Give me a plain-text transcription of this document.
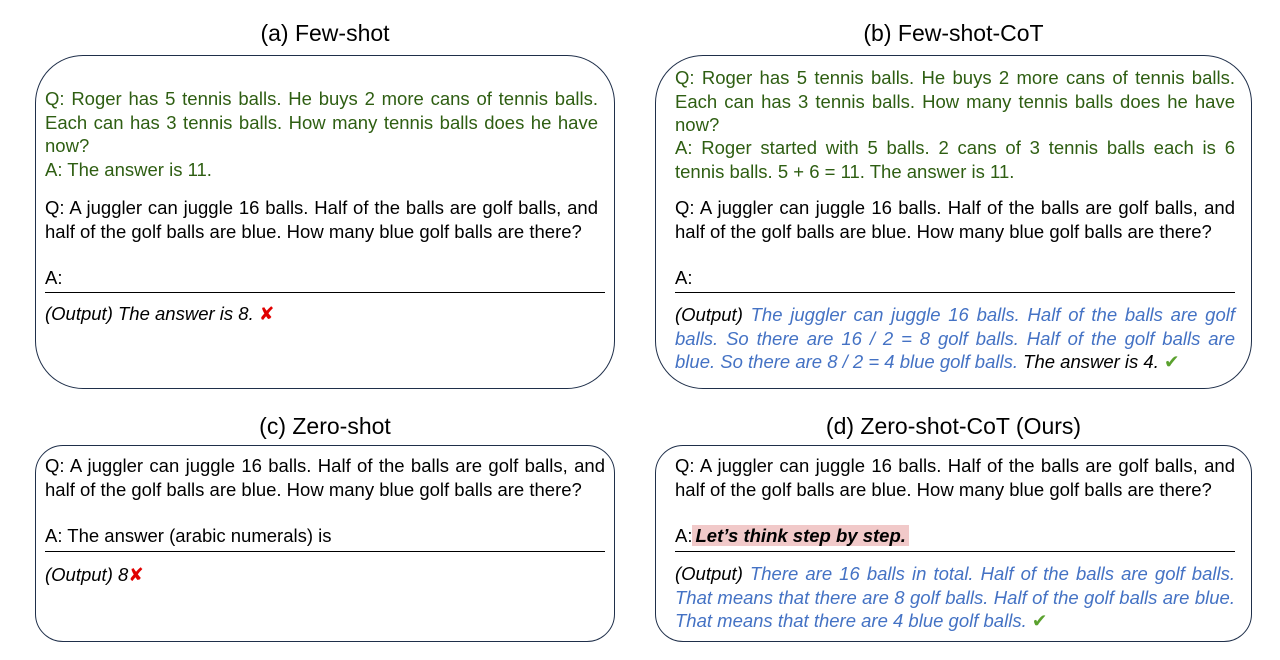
(a) Few-shot
Q: Roger has 5 tennis balls. He buys 2 more cans of tennis balls. Each can has 3 tennis balls. How many tennis balls does he have now?
A: The answer is 11.
Q: A juggler can juggle 16 balls. Half of the balls are golf balls, and half of the golf balls are blue. How many blue golf balls are there?
A:
(Output) The answer is 8. ✘
(b) Few-shot-CoT
Q: Roger has 5 tennis balls. He buys 2 more cans of tennis balls. Each can has 3 tennis balls. How many tennis balls does he have now?
A: Roger started with 5 balls. 2 cans of 3 tennis balls each is 6 tennis balls. 5 + 6 = 11. The answer is 11.
Q: A juggler can juggle 16 balls. Half of the balls are golf balls, and half of the golf balls are blue. How many blue golf balls are there?
A:
(Output) The juggler can juggle 16 balls. Half of the balls are golf balls. So there are 16 / 2 = 8 golf balls. Half of the golf balls are blue. So there are 8 / 2 = 4 blue golf balls. The answer is 4. ✔
(c) Zero-shot
Q: A juggler can juggle 16 balls. Half of the balls are golf balls, and half of the golf balls are blue. How many blue golf balls are there?
A: The answer (arabic numerals) is
(Output) 8✘
(d) Zero-shot-CoT (Ours)
Q: A juggler can juggle 16 balls. Half of the balls are golf balls, and half of the golf balls are blue. How many blue golf balls are there?
A: Let’s think step by step.
(Output) There are 16 balls in total. Half of the balls are golf balls. That means that there are 8 golf balls. Half of the golf balls are blue. That means that there are 4 blue golf balls. ✔
